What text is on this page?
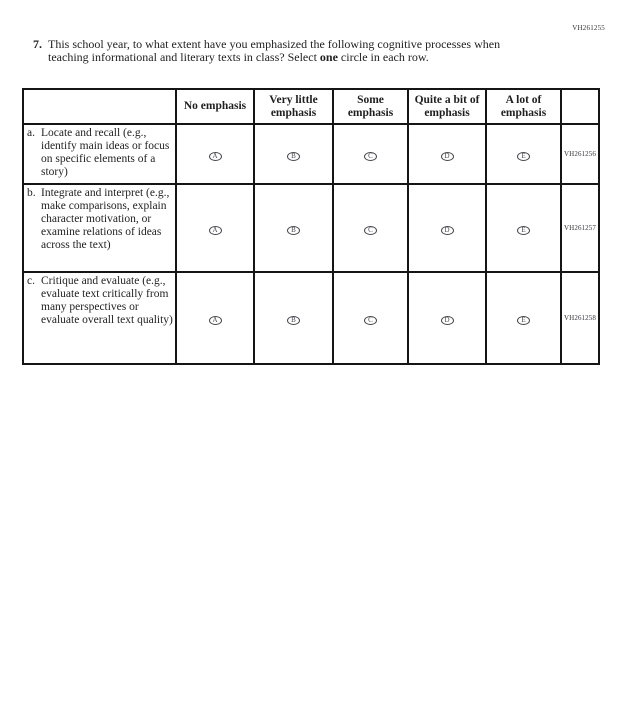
VH261255
7. This school year, to what extent have you emphasized the following cognitive processes when teaching informational and literary texts in class? Select one circle in each row.
	No emphasis	Very little emphasis	Some emphasis	Quite a bit of emphasis	A lot of emphasis	

a. Locate and recall (e.g., identify main ideas or focus on specific elements of a story)	A	B	C	D	E	VH261256

b. Integrate and interpret (e.g., make comparisons, explain character motivation, or examine relations of ideas across the text)	A	B	C	D	E	VH261257

c. Critique and evaluate (e.g., evaluate text critically from many perspectives or evaluate overall text quality)	A	B	C	D	E	VH261258
